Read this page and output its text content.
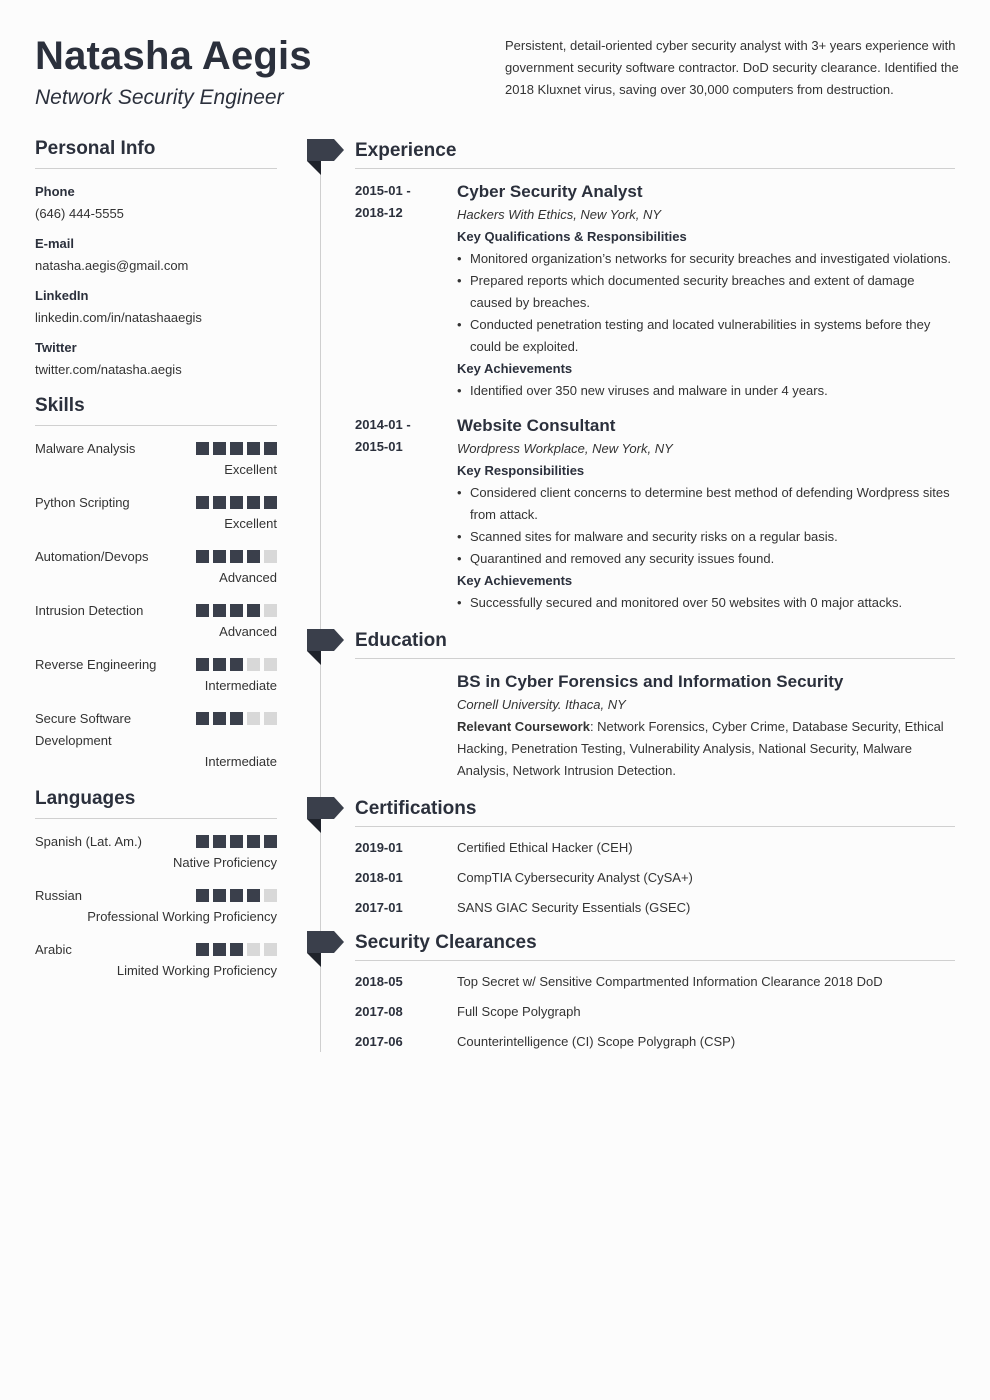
Natasha Aegis
Network Security Engineer
Persistent, detail-oriented cyber security analyst with 3+ years experience with government security software contractor. DoD security clearance. Identified the 2018 Kluxnet virus, saving over 30,000 computers from destruction.
Personal Info
Phone
(646) 444-5555
E-mail
natasha.aegis@gmail.com
LinkedIn
linkedin.com/in/natashaaegis
Twitter
twitter.com/natasha.aegis
Skills
Malware Analysis
Excellent
Python Scripting
Excellent
Automation/Devops
Advanced
Intrusion Detection
Advanced
Reverse Engineering
Intermediate
Secure Software Development
Intermediate
Languages
Spanish (Lat. Am.)
Native Proficiency
Russian
Professional Working Proficiency
Arabic
Limited Working Proficiency
Experience
2015-01 -
2018-12
Cyber Security Analyst
Hackers With Ethics, New York, NY
Key Qualifications & Responsibilities
• Monitored organization’s networks for security breaches and investigated violations.
• Prepared reports which documented security breaches and extent of damage caused by breaches.
• Conducted penetration testing and located vulnerabilities in systems before they could be exploited.
Key Achievements
• Identified over 350 new viruses and malware in under 4 years.
2014-01 -
2015-01
Website Consultant
Wordpress Workplace, New York, NY
Key Responsibilities
• Considered client concerns to determine best method of defending Wordpress sites from attack.
• Scanned sites for malware and security risks on a regular basis.
• Quarantined and removed any security issues found.
Key Achievements
• Successfully secured and monitored over 50 websites with 0 major attacks.
Education
BS in Cyber Forensics and Information Security
Cornell University. Ithaca, NY
Relevant Coursework: Network Forensics, Cyber Crime, Database Security, Ethical Hacking, Penetration Testing, Vulnerability Analysis, National Security, Malware Analysis, Network Intrusion Detection.
Certifications
2019-01	Certified Ethical Hacker (CEH)
2018-01	CompTIA Cybersecurity Analyst (CySA+)
2017-01	SANS GIAC Security Essentials (GSEC)
Security Clearances
2018-05	Top Secret w/ Sensitive Compartmented Information Clearance 2018 DoD
2017-08	Full Scope Polygraph
2017-06	Counterintelligence (CI) Scope Polygraph (CSP)
